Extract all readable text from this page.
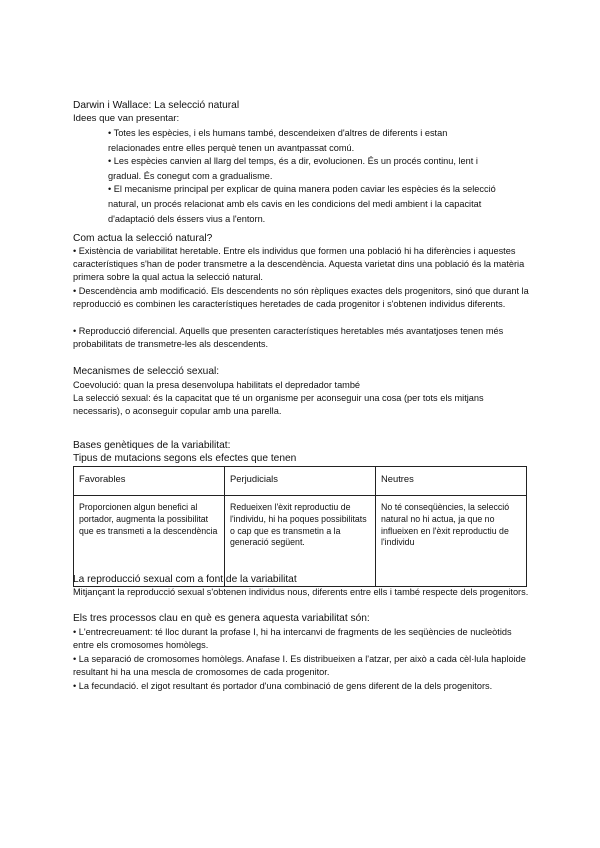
Darwin i Wallace: La selecció natural
Idees que van presentar:
• Totes les espècies, i els humans també, descendeixen d'altres de diferents i estan relacionades entre elles perquè tenen un avantpassat comú.
• Les espècies canvien al llarg del temps, és a dir, evolucionen. És un procés continu, lent i gradual. És conegut com a gradualisme.
• El mecanisme principal per explicar de quina manera poden caviar les espècies és la selecció natural, un procés relacionat amb els cavis en les condicions del medi ambient i la capacitat d'adaptació dels éssers vius a l'entorn.
Com actua la selecció natural?
• Existència de variabilitat heretable. Entre els individus que formen una població hi ha diferències i aquestes característiques s'han de poder transmetre a la descendència. Aquesta varietat dins una població és la matèria primera sobre la qual actua la selecció natural.
• Descendència amb modificació. Els descendents no són rèpliques exactes dels progenitors, sinó que durant la reproducció es combinen les característiques heretades de cada progenitor i s'obtenen individus diferents.
• Reproducció diferencial. Aquells que presenten característiques heretables més avantatjoses tenen més probabilitats de transmetre-les als descendents.
Mecanismes de selecció sexual:
Coevolució: quan la presa desenvolupa habilitats el depredador també
La selecció sexual: és la capacitat que té un organisme per aconseguir una cosa (per tots els mitjans necessaris), o aconseguir copular amb una parella.
Bases genètiques de la variabilitat:
Tipus de mutacions segons els efectes que tenen
Favorables	Perjudicials	Neutres
Proporcionen algun benefici al portador, augmenta la possibilitat que es transmeti a la descendència	Redueixen l'èxit reproductiu de l'individu, hi ha poques possibilitats o cap que es transmetin a la generació següent.	No té conseqüències, la selecció natural no hi actua, ja que no influeixen en l'èxit reproductiu de l'individu
La reproducció sexual com a font de la variabilitat
Mitjançant la reproducció sexual s'obtenen individus nous, diferents entre ells i també respecte dels progenitors.
Els tres processos clau en què es genera aquesta variabilitat són:
• L'entrecreuament: té lloc durant la profase I, hi ha intercanvi de fragments de les seqüències de nucleòtids entre els cromosomes homòlegs.
• La separació de cromosomes homòlegs. Anafase I. Es distribueixen a l'atzar, per això a cada cèl·lula haploide resultant hi ha una mescla de cromosomes de cada progenitor.
• La fecundació. el zigot resultant és portador d'una combinació de gens diferent de la dels progenitors.
